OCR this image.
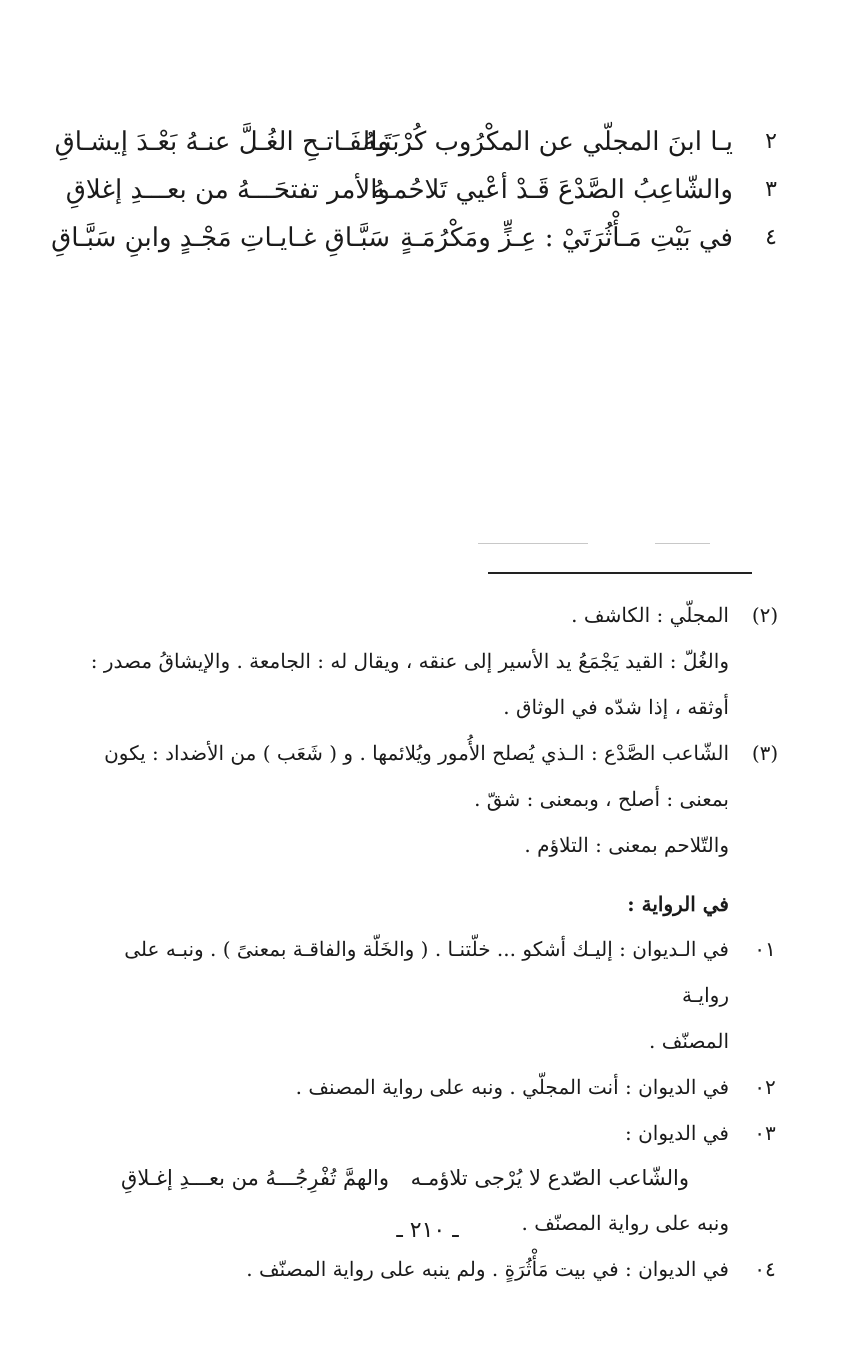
٢
يـا ابنَ المجلّي عن المكْرُوب كُرْبَتَـهُ
والفَـاتـحِ الغُـلَّ عنـهُ بَعْـدَ إيشـاقِ
٣
والشّاعِبُ الصَّدْعَ قَـدْ أعْيي تَلاحُمـهُ
والأمر تفتحَـــهُ من بعـــدِ إغلاقِ
٤
في بَيْتِ مَـأْثُرَتَيْ : عِـزٍّ ومَكْرُمَـةٍ
سَبَّـاقِ غـايـاتِ مَجْـدٍ وابنِ سَبَّـاقِ
(٢)

المجلّي : الكاشف .

والغُلّ : القيد يَجْمَعُ يد الأسير إلى عنقه ، ويقال له : الجامعة . والإيشاقُ مصدر :

أوثقه ، إذا شدّه في الوثاق .

(٣)

الشّاعب الصَّدْع : الـذي يُصلح الأُمور ويُلائمها . و ( شَعَب ) من الأضداد : يكون

بمعنى : أصلح ، وبمعنى : شقّ .

والتّلاحم بمعنى : التلاؤم .

في الرواية :
٠١

في الـديوان : إليـك أشكو ... خلّتنـا . ( والخَلّة والفاقـة بمعنىً ) . ونبـه على روايـة

المصنّف .

٠٢

في الديوان : أنت المجلّي . ونبه على رواية المصنف .

٠٣

في الديوان :

والشّاعب الصّدع لا يُرْجى تلاؤمـه
والهمَّ تُفْرِجُـــهُ من بعـــدِ إغـلاقِ

ونبه على رواية المصنّف .

٠٤

في الديوان : في بيت مَأْثُرَةٍ . ولم ينبه على رواية المصنّف .

ـ ٢١٠ ـ
